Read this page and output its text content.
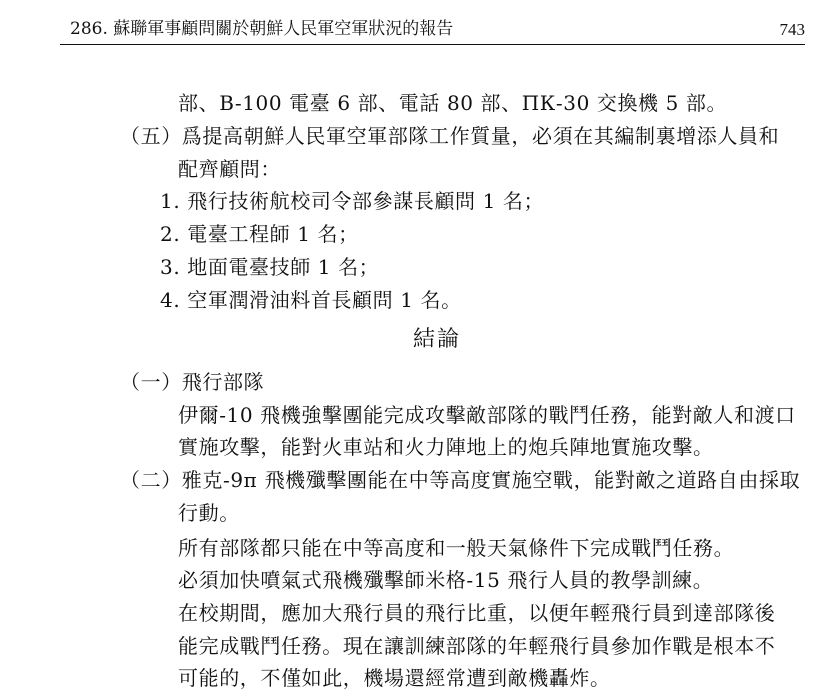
286. 蘇聯軍事顧問關於朝鮮人民軍空軍狀況的報告	743
部、B-100 電臺 6 部、電話 80 部、ПК-30 交換機 5 部。
（五）爲提高朝鮮人民軍空軍部隊工作質量，必須在其編制裏增添人員和
配齊顧問：
1. 飛行技術航校司令部參謀長顧問 1 名；
2. 電臺工程師 1 名；
3. 地面電臺技師 1 名；
4. 空軍潤滑油料首長顧問 1 名。
結論
（一）飛行部隊
伊爾-10 飛機強擊團能完成攻擊敵部隊的戰鬥任務，能對敵人和渡口
實施攻擊，能對火車站和火力陣地上的炮兵陣地實施攻擊。
（二）雅克-9п 飛機殲擊團能在中等高度實施空戰，能對敵之道路自由採取
行動。
所有部隊都只能在中等高度和一般天氣條件下完成戰鬥任務。
必須加快噴氣式飛機殲擊師米格-15 飛行人員的教學訓練。
在校期間，應加大飛行員的飛行比重，以便年輕飛行員到達部隊後
能完成戰鬥任務。現在讓訓練部隊的年輕飛行員參加作戰是根本不
可能的，不僅如此，機場還經常遭到敵機轟炸。
